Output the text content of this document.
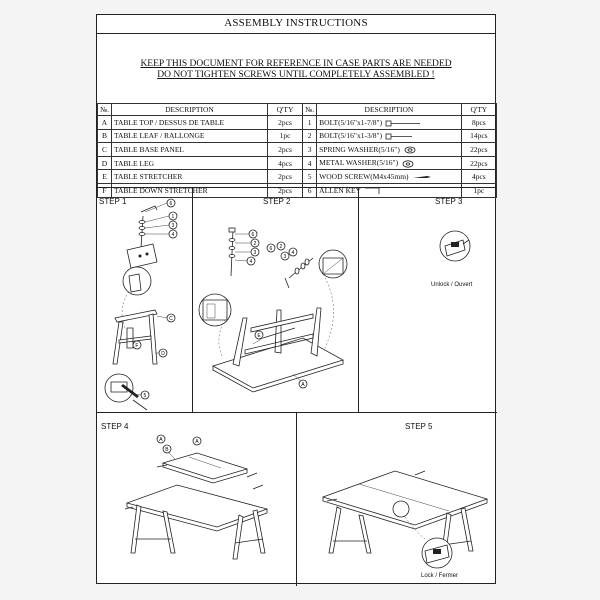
ASSEMBLY INSTRUCTIONS
KEEP THIS DOCUMENT FOR REFERENCE IN CASE PARTS ARE NEEDED
DO NOT TIGHTEN SCREWS UNTIL COMPLETELY ASSEMBLED !
№.	DESCRIPTION	Q'TY	№.	DESCRIPTION	Q'TY
A	TABLE TOP / DESSUS DE TABLE	2pcs	1	BOLT(5/16"x1-7/8")	8pcs
B	TABLE LEAF / RALLONGE	1pc	2	BOLT(5/16"x1-3/8")	14pcs
C	TABLE BASE PANEL	2pcs	3	SPRING WASHER(5/16")	22pcs
D	TABLE LEG	4pcs	4	METAL WASHER(5/16")	22pcs
E	TABLE STRETCHER	2pcs	5	WOOD SCREW(M4x45mm)	4pcs
F	TABLE DOWN STRETCHER	2pcs	6	ALLEN KEY	1pc
STEP 1	6
1
3
4
C
F
D
5
STEP 2
6
2
3
4
6 2
3
4
E
A
STEP 3
Unlock / Ouvert
STEP 4
B
A
A
STEP 5
Lock / Fermer
